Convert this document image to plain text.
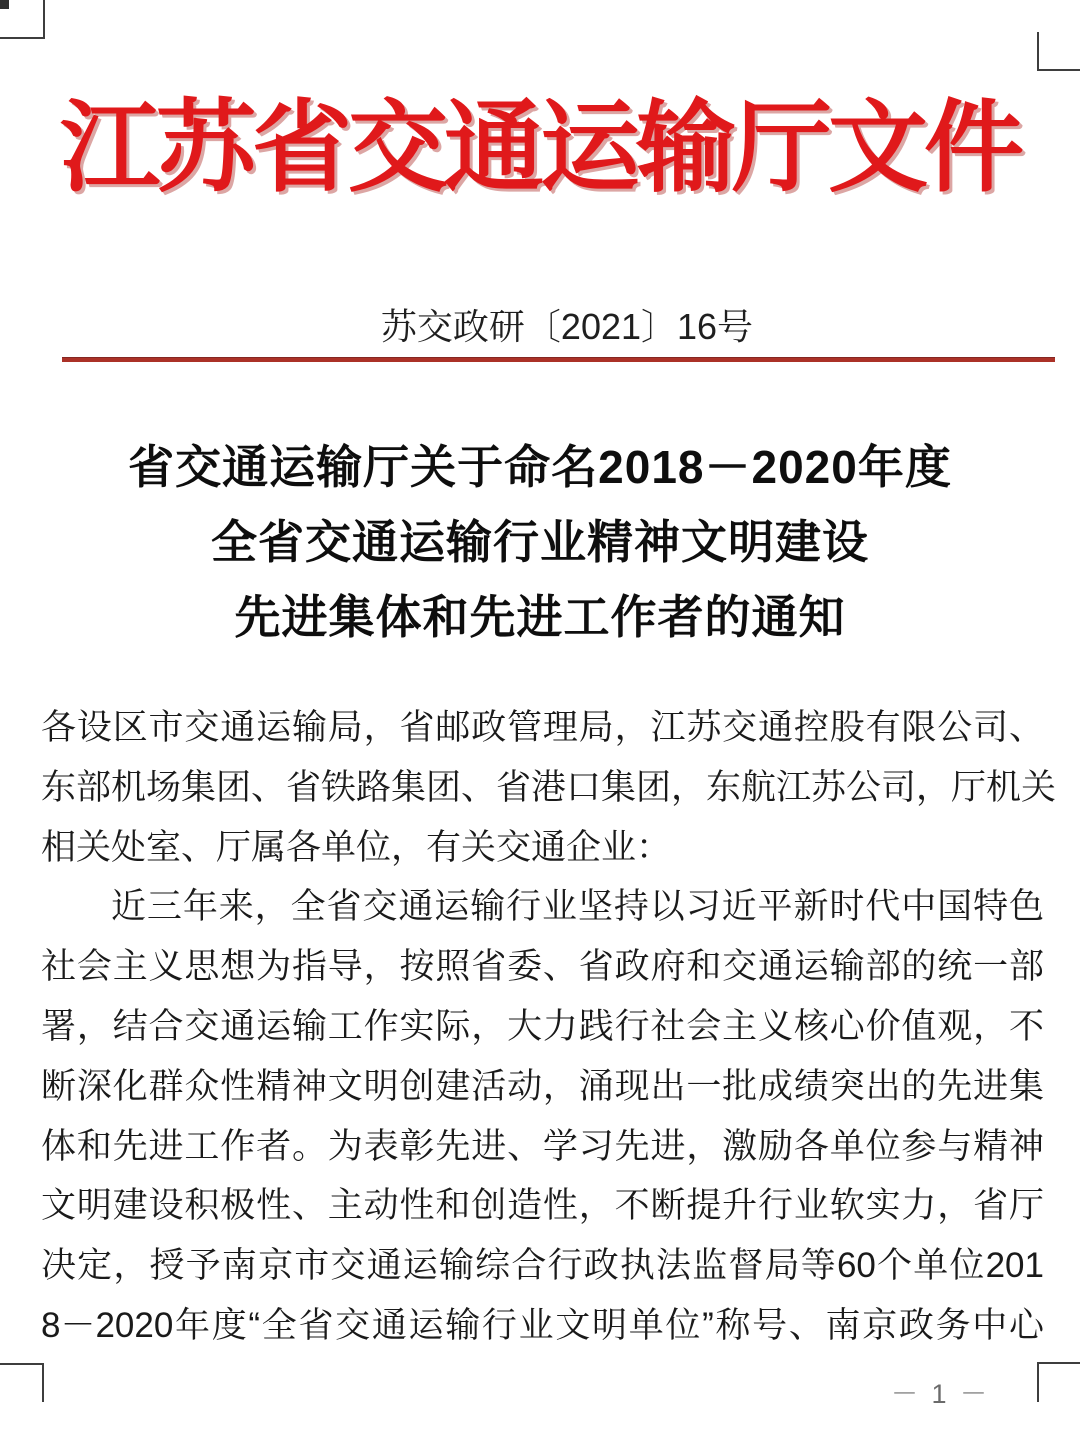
江苏省交通运输厅文件
苏交政研〔2021〕16号
省交通运输厅关于命名2018－2020年度
全省交通运输行业精神文明建设
先进集体和先进工作者的通知
各设区市交通运输局，省邮政管理局，江苏交通控股有限公司、
东部机场集团、省铁路集团、省港口集团，东航江苏公司，厅机关
相关处室、厅属各单位，有关交通企业：
近三年来，全省交通运输行业坚持以习近平新时代中国特色
社会主义思想为指导，按照省委、省政府和交通运输部的统一部
署，结合交通运输工作实际，大力践行社会主义核心价值观，不
断深化群众性精神文明创建活动，涌现出一批成绩突出的先进集
体和先进工作者。为表彰先进、学习先进，激励各单位参与精神
文明建设积极性、主动性和创造性，不断提升行业软实力，省厅
决定，授予南京市交通运输综合行政执法监督局等60个单位201
8－2020年度“全省交通运输行业文明单位”称号、南京政务中心
－ 1 －
